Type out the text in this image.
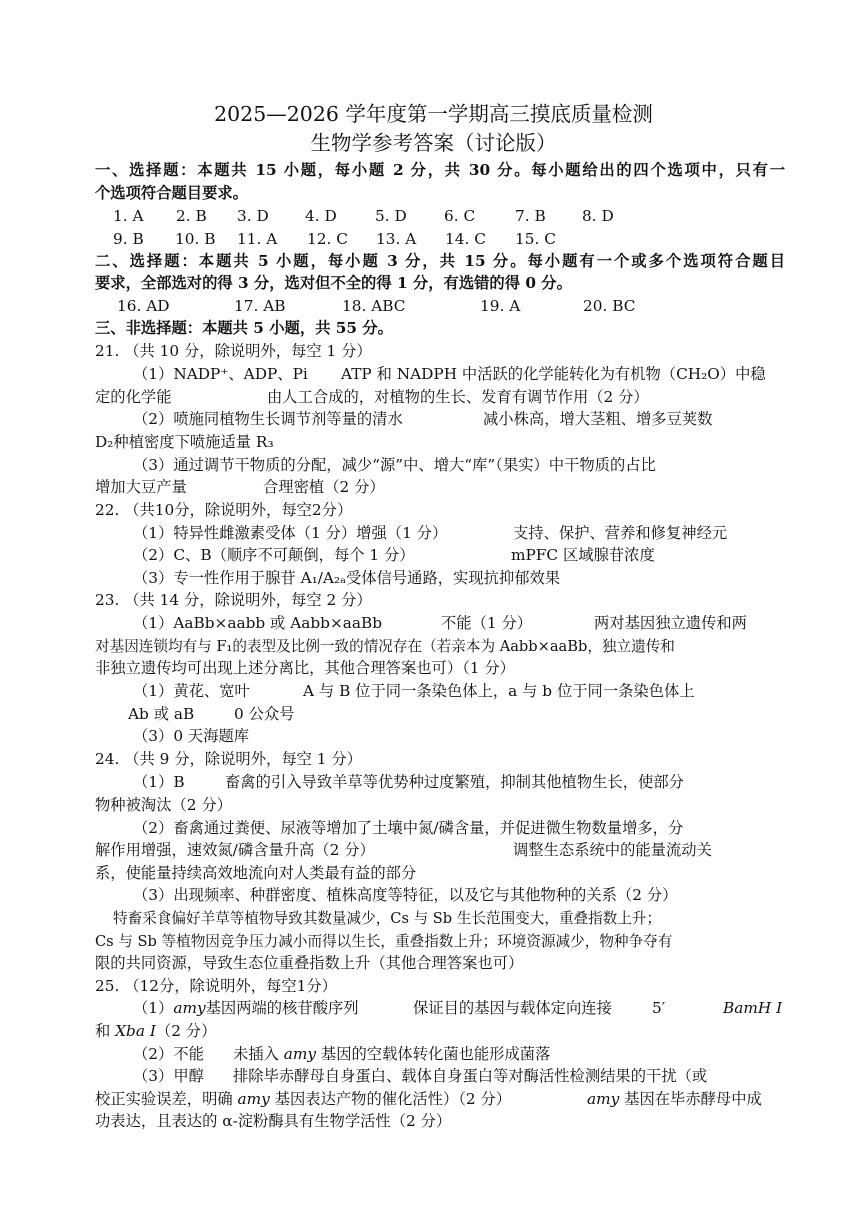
2025—2026 学年度第一学期高三摸底质量检测
生物学参考答案（讨论版）
一、选择题：本题共 15 小题，每小题 2 分，共 30 分。每小题给出的四个选项中，只有一
个选项符合题目要求。
1. A 2. B 3. D 4. D	5. D 6. C	7. B 8. D
9. B 10. B 11. A 12. C 13. A 14. C 15. C
二、选择题：本题共 5 小题，每小题 3 分，共 15 分。每小题有一个或多个选项符合题目
要求，全部选对的得 3 分，选对但不全的得 1 分，有选错的得 0 分。
16. AD	17. AB	18. ABC	19. A	20. BC
三、非选择题：本题共 5 小题，共 55 分。
21. （共 10 分，除说明外，每空 1 分）
（1）NADP⁺、ADP、Pi ATP 和 NADPH 中活跃的化学能转化为有机物（CH₂O）中稳
定的化学能	由人工合成的，对植物的生长、发育有调节作用（2 分）
（2）喷施同植物生长调节剂等量的清水	减小株高，增大茎粗、增多豆荚数
D₂种植密度下喷施适量 R₃
（3）通过调节干物质的分配，减少“源”中、增大“库”（果实）中干物质的占比
增加大豆产量	合理密植（2 分）
22. （共10分，除说明外，每空2分）
（1）特异性雌激素受体（1 分）增强（1 分）	支持、保护、营养和修复神经元
（2）C、B（顺序不可颠倒，每个 1 分）	mPFC 区域腺苷浓度
（3）专一性作用于腺苷 A₁/A₂ₐ受体信号通路，实现抗抑郁效果
23. （共 14 分，除说明外，每空 2 分）
（1）AaBb×aabb 或 Aabb×aaBb	不能（1 分）	两对基因独立遗传和两
对基因连锁均有与 F₁的表型及比例一致的情况存在（若亲本为 Aabb×aaBb，独立遗传和
非独立遗传均可出现上述分离比，其他合理答案也可）（1 分）
（1）黄花、宽叶	A 与 B 位于同一条染色体上，a 与 b 位于同一条染色体上
Ab 或 aB	0 公众号
（3）0 天海题库
24. （共 9 分，除说明外，每空 1 分）
（1）B	畜禽的引入导致羊草等优势种过度繁殖，抑制其他植物生长，使部分
物种被淘汰（2 分）
（2）畜禽通过粪便、尿液等增加了土壤中氮/磷含量，并促进微生物数量增多，分
解作用增强，速效氮/磷含量升高（2 分）	调整生态系统中的能量流动关
系，使能量持续高效地流向对人类最有益的部分
（3）出现频率、种群密度、植株高度等特征，以及它与其他物种的关系（2 分）
特畜采食偏好羊草等植物导致其数量减少，Cs 与 Sb 生长范围变大，重叠指数上升；
Cs 与 Sb 等植物因竞争压力减小而得以生长，重叠指数上升；环境资源减少，物种争夺有
限的共同资源，导致生态位重叠指数上升（其他合理答案也可）
25. （12分，除说明外，每空1分）
（1）amy基因两端的核苷酸序列	保证目的基因与载体定向连接	5′	BamH Ⅰ
和 Xba Ⅰ（2 分）
（2）不能 未插入 amy 基因的空载体转化菌也能形成菌落
（3）甲醇 排除毕赤酵母自身蛋白、载体自身蛋白等对酶活性检测结果的干扰（或
校正实验误差，明确 amy 基因表达产物的催化活性）（2 分）	amy 基因在毕赤酵母中成
功表达，且表达的 α-淀粉酶具有生物学活性（2 分）
